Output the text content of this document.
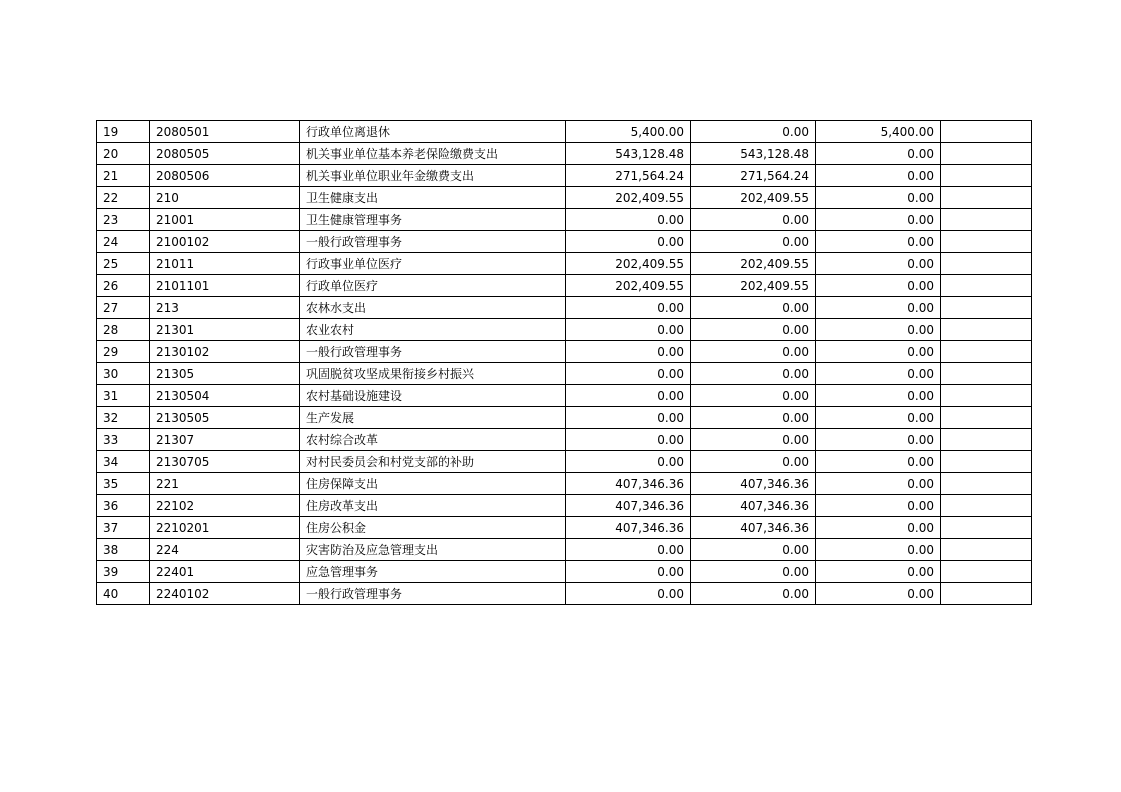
19	2080501	行政单位离退休	5,400.00	0.00	5,400.00	
20	2080505	机关事业单位基本养老保险缴费支出	543,128.48	543,128.48	0.00	
21	2080506	机关事业单位职业年金缴费支出	271,564.24	271,564.24	0.00	
22	210	卫生健康支出	202,409.55	202,409.55	0.00	
23	21001	卫生健康管理事务	0.00	0.00	0.00	
24	2100102	一般行政管理事务	0.00	0.00	0.00	
25	21011	行政事业单位医疗	202,409.55	202,409.55	0.00	
26	2101101	行政单位医疗	202,409.55	202,409.55	0.00	
27	213	农林水支出	0.00	0.00	0.00	
28	21301	农业农村	0.00	0.00	0.00	
29	2130102	一般行政管理事务	0.00	0.00	0.00	
30	21305	巩固脱贫攻坚成果衔接乡村振兴	0.00	0.00	0.00	
31	2130504	农村基础设施建设	0.00	0.00	0.00	
32	2130505	生产发展	0.00	0.00	0.00	
33	21307	农村综合改革	0.00	0.00	0.00	
34	2130705	对村民委员会和村党支部的补助	0.00	0.00	0.00	
35	221	住房保障支出	407,346.36	407,346.36	0.00	
36	22102	住房改革支出	407,346.36	407,346.36	0.00	
37	2210201	住房公积金	407,346.36	407,346.36	0.00	
38	224	灾害防治及应急管理支出	0.00	0.00	0.00	
39	22401	应急管理事务	0.00	0.00	0.00	
40	2240102	一般行政管理事务	0.00	0.00	0.00	
